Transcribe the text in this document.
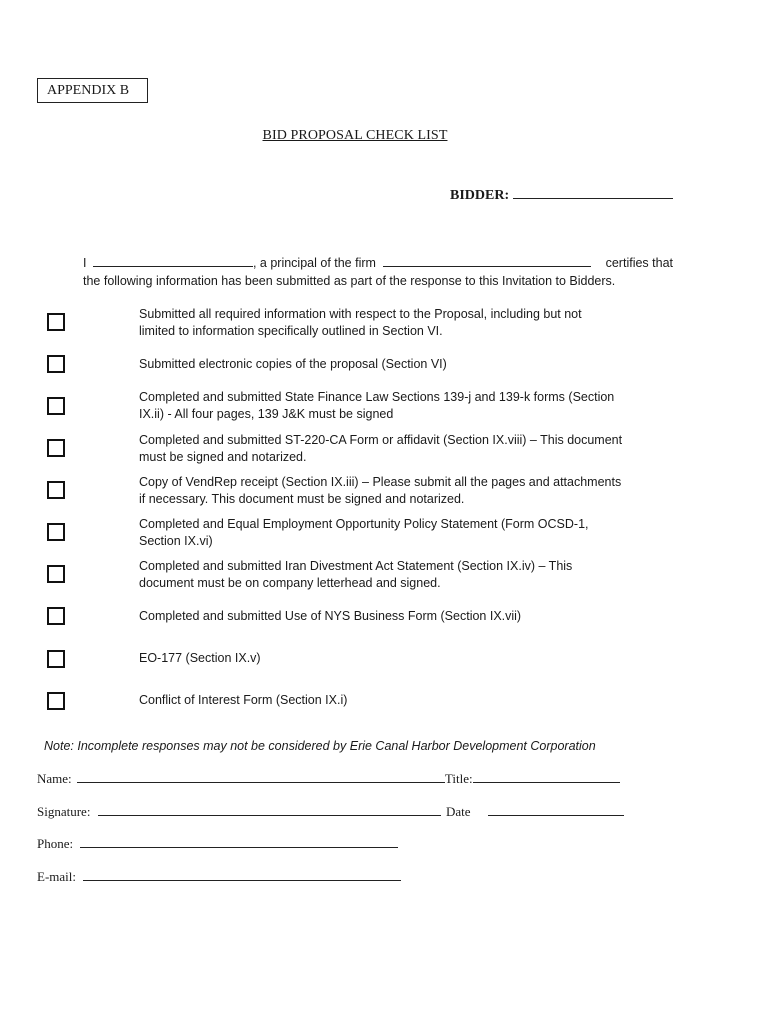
APPENDIX B
BID PROPOSAL CHECK LIST
BIDDER:
I	, a principal of the firm	certifies that
the following information has been submitted as part of the response to this Invitation to Bidders.
Submitted all required information with respect to the Proposal, including but not
limited to information specifically outlined in Section VI.
Submitted electronic copies of the proposal (Section VI)
Completed and submitted State Finance Law Sections 139-j and 139-k forms (Section
IX.ii) - All four pages, 139 J&K must be signed
Completed and submitted ST-220-CA Form or affidavit (Section IX.viii) – This document
must be signed and notarized.
Copy of VendRep receipt (Section IX.iii) – Please submit all the pages and attachments
if necessary. This document must be signed and notarized.
Completed and Equal Employment Opportunity Policy Statement (Form OCSD-1,
Section IX.vi)
Completed and submitted Iran Divestment Act Statement (Section IX.iv) – This
document must be on company letterhead and signed.
Completed and submitted Use of NYS Business Form (Section IX.vii)
EO-177 (Section IX.v)
Conflict of Interest Form (Section IX.i)
Note: Incomplete responses may not be considered by Erie Canal Harbor Development Corporation
Name:	Title:
Signature:	Date
Phone:
E-mail:
